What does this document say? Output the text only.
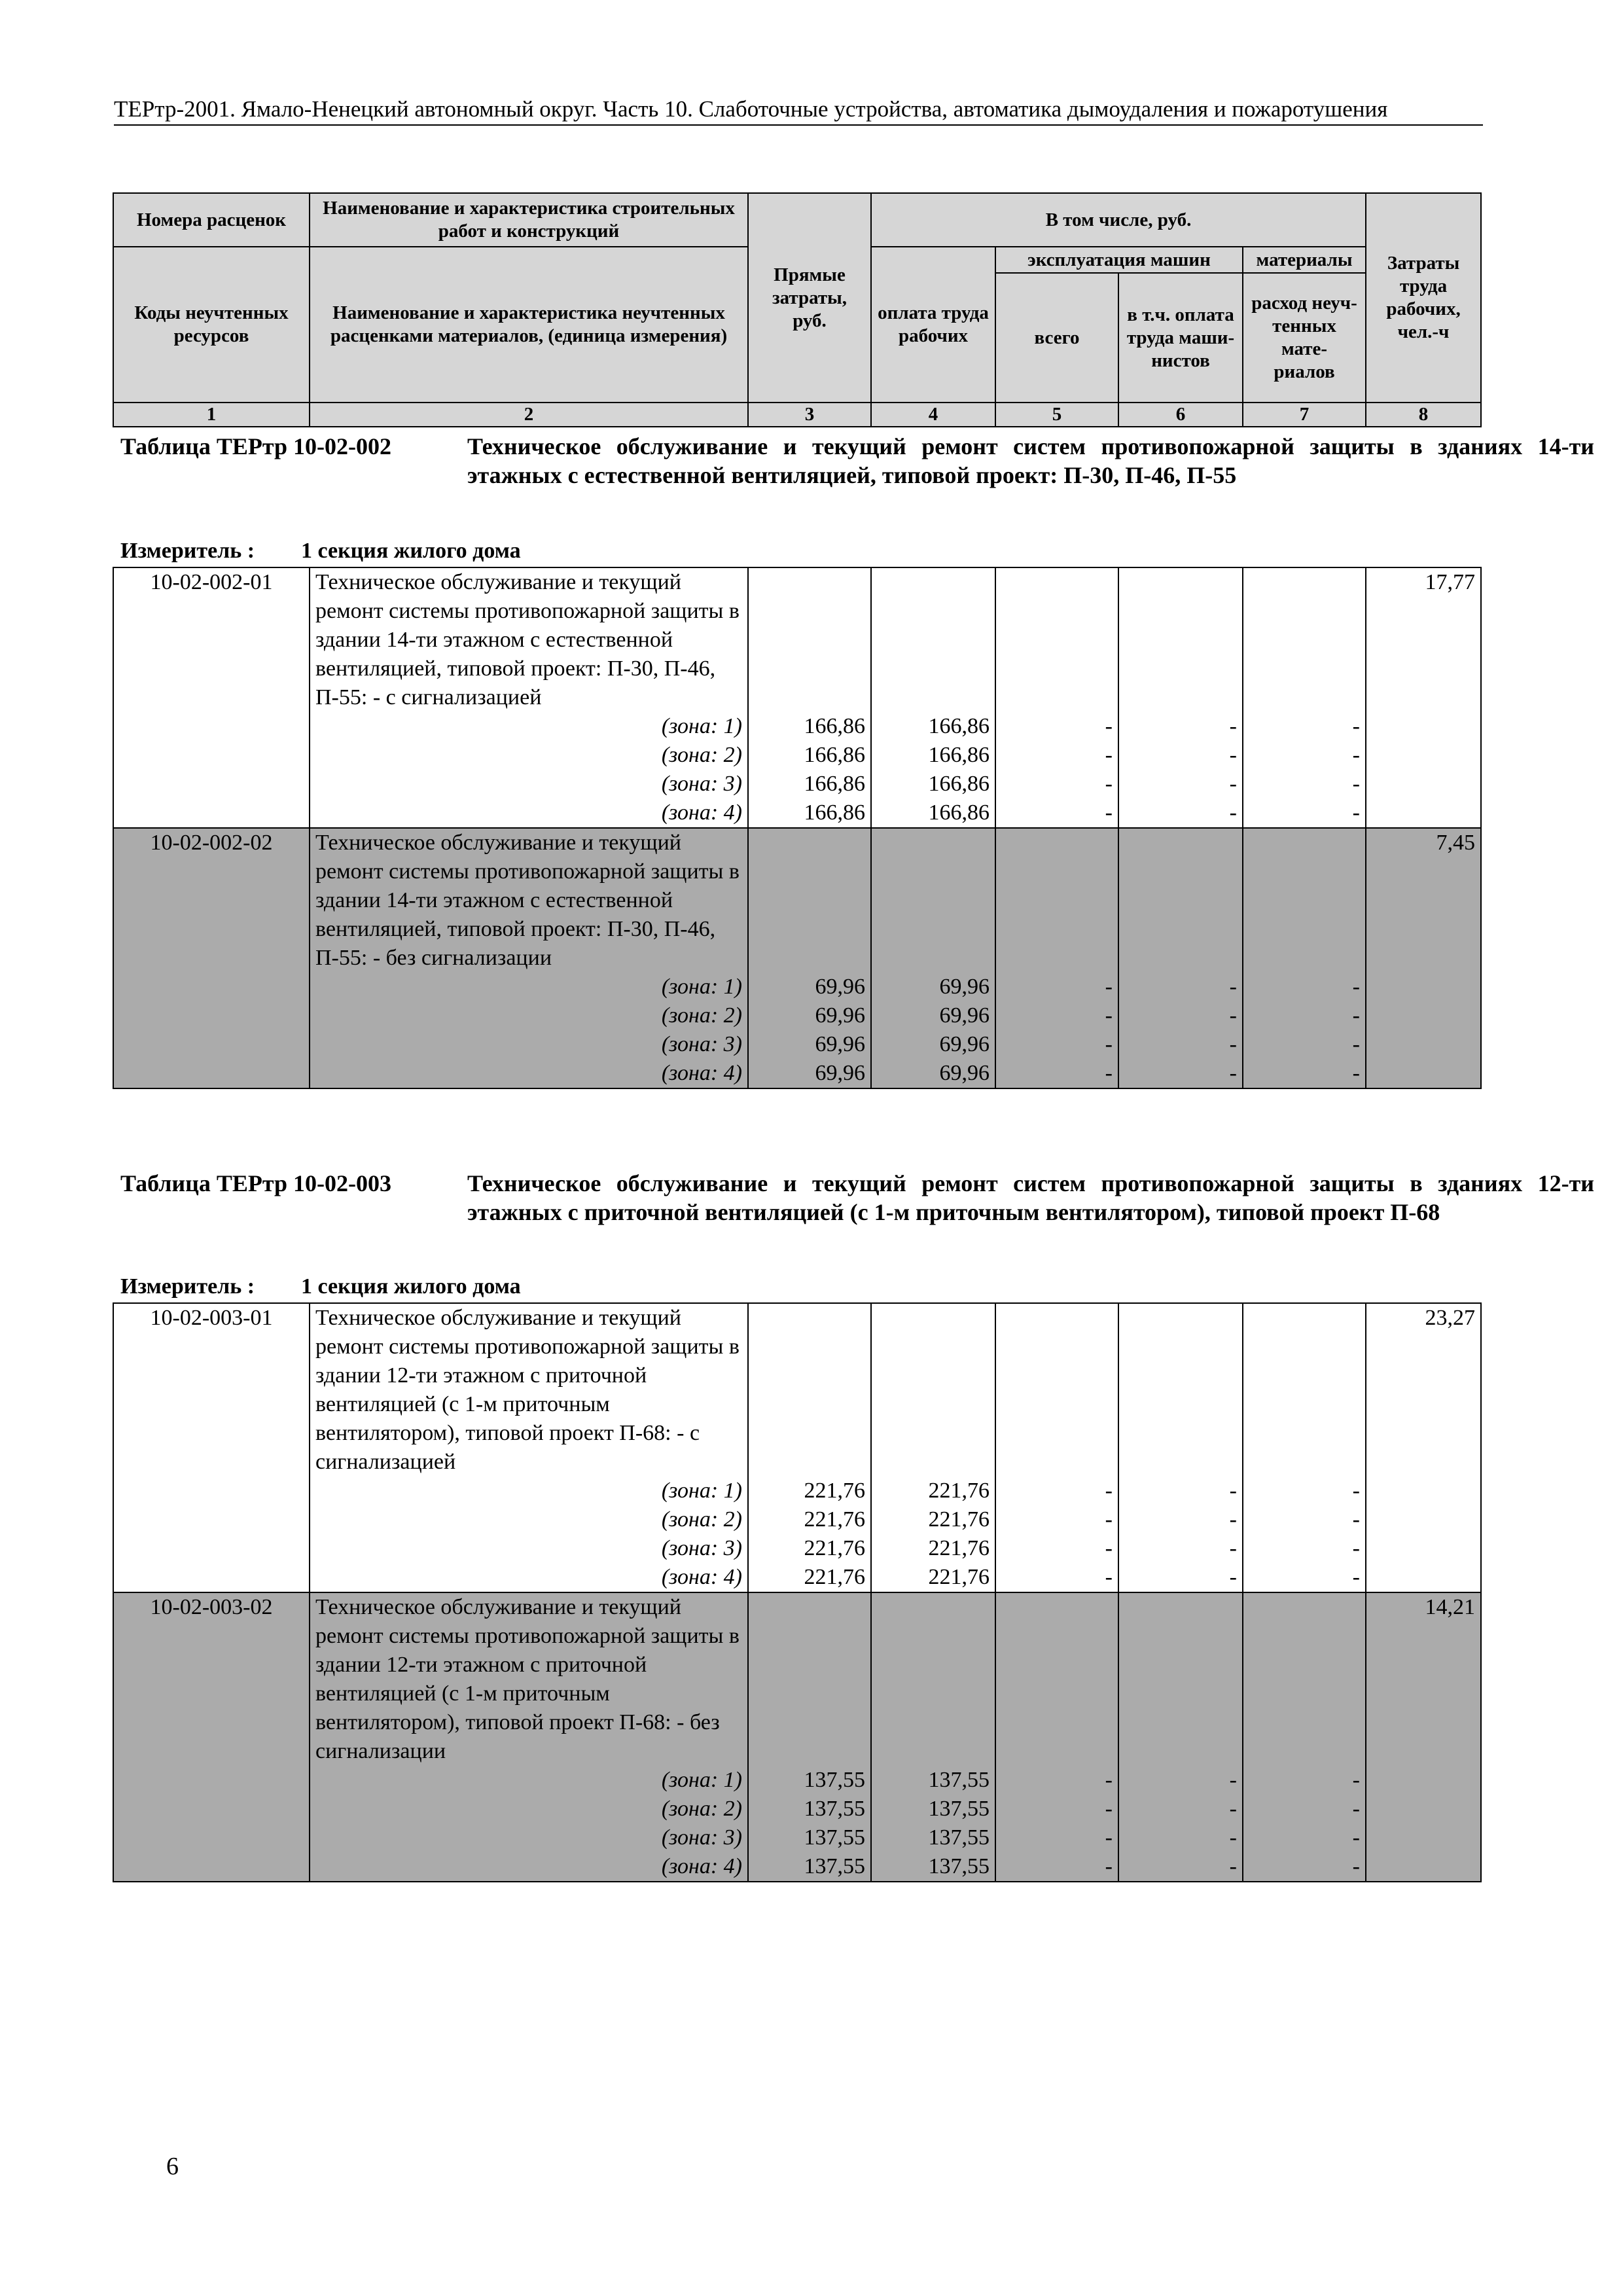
ТЕРтр-2001. Ямало-Ненецкий автономный округ. Часть 10. Слаботочные устройства, автоматика дымоудаления и пожаротушения
Номера расценок	Наименование и характеристика строительных работ и конструкций	Прямые затраты, руб.	В том числе, руб.				Затраты труда рабочих, чел.-ч
Коды неучтенных ресурсов	Наименование и характеристика неучтенных расценками материалов, (единица измерения)		оплата труда рабочих	эксплуатация машин		материалы	
				всего	в т.ч. оплата труда маши- нистов	расход неуч- тенных мате- риалов	
1	2	3	4	5	6	7	8
Таблица ТЕРтр 10-02-002	Техническое обслуживание и текущий ремонт систем противопожарной защиты в зданиях 14-ти этажных с естественной вентиляцией, типовой проект: П-30, П-46, П-55
Измеритель : 1 секция жилого дома
10-02-002-01	Техническое обслуживание и текущий ремонт системы противопожарной защиты в здании 14-ти этажном с естественной вентиляцией, типовой проект: П-30, П-46, П-55: - с сигнализацией						17,77
	(зона: 1)	166,86	166,86	-	-	-	
	(зона: 2)	166,86	166,86	-	-	-	
	(зона: 3)	166,86	166,86	-	-	-	
	(зона: 4)	166,86	166,86	-	-	-	
10-02-002-02	Техническое обслуживание и текущий ремонт системы противопожарной защиты в здании 14-ти этажном с естественной вентиляцией, типовой проект: П-30, П-46, П-55: - без сигнализации						7,45
	(зона: 1)	69,96	69,96	-	-	-	
	(зона: 2)	69,96	69,96	-	-	-	
	(зона: 3)	69,96	69,96	-	-	-	
	(зона: 4)	69,96	69,96	-	-	-	
Таблица ТЕРтр 10-02-003	Техническое обслуживание и текущий ремонт систем противопожарной защиты в зданиях 12-ти этажных с приточной вентиляцией (с 1-м приточным вентилятором), типовой проект П-68
Измеритель : 1 секция жилого дома
10-02-003-01	Техническое обслуживание и текущий ремонт системы противопожарной защиты в здании 12-ти этажном с приточной вентиляцией (с 1-м приточным вентилятором), типовой проект П-68: - с сигнализацией						23,27
	(зона: 1)	221,76	221,76	-	-	-	
	(зона: 2)	221,76	221,76	-	-	-	
	(зона: 3)	221,76	221,76	-	-	-	
	(зона: 4)	221,76	221,76	-	-	-	
10-02-003-02	Техническое обслуживание и текущий ремонт системы противопожарной защиты в здании 12-ти этажном с приточной вентиляцией (с 1-м приточным вентилятором), типовой проект П-68: - без сигнализации						14,21
	(зона: 1)	137,55	137,55	-	-	-	
	(зона: 2)	137,55	137,55	-	-	-	
	(зона: 3)	137,55	137,55	-	-	-	
	(зона: 4)	137,55	137,55	-	-	-	
6
